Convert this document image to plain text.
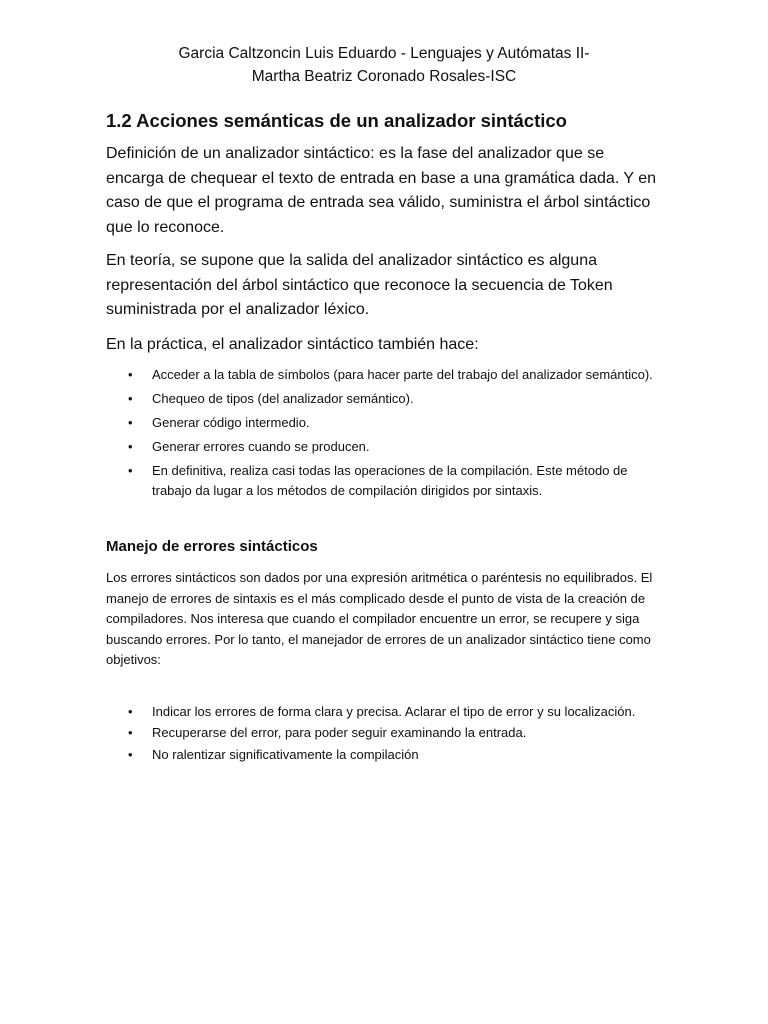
Garcia Caltzoncin Luis Eduardo - Lenguajes y Autómatas II-
Martha Beatriz Coronado Rosales-ISC
1.2 Acciones semánticas de un analizador sintáctico

Definición de un analizador sintáctico: es la fase del analizador que se encarga de chequear el texto de entrada en base a una gramática dada. Y en caso de que el programa de entrada sea válido, suministra el árbol sintáctico que lo reconoce.

En teoría, se supone que la salida del analizador sintáctico es alguna representación del árbol sintáctico que reconoce la secuencia de Token suministrada por el analizador léxico.

En la práctica, el analizador sintáctico también hace:

• Acceder a la tabla de símbolos (para hacer parte del trabajo del analizador semántico).
• Chequeo de tipos (del analizador semántico).
• Generar código intermedio.
• Generar errores cuando se producen.
• En definitiva, realiza casi todas las operaciones de la compilación. Este método de trabajo da lugar a los métodos de compilación dirigidos por sintaxis.
Manejo de errores sintácticos

Los errores sintácticos son dados por una expresión aritmética o paréntesis no equilibrados. El manejo de errores de sintaxis es el más complicado desde el punto de vista de la creación de compiladores. Nos interesa que cuando el compilador encuentre un error, se recupere y siga buscando errores. Por lo tanto, el manejador de errores de un analizador sintáctico tiene como objetivos:

• Indicar los errores de forma clara y precisa. Aclarar el tipo de error y su localización.
• Recuperarse del error, para poder seguir examinando la entrada.
• No ralentizar significativamente la compilación
